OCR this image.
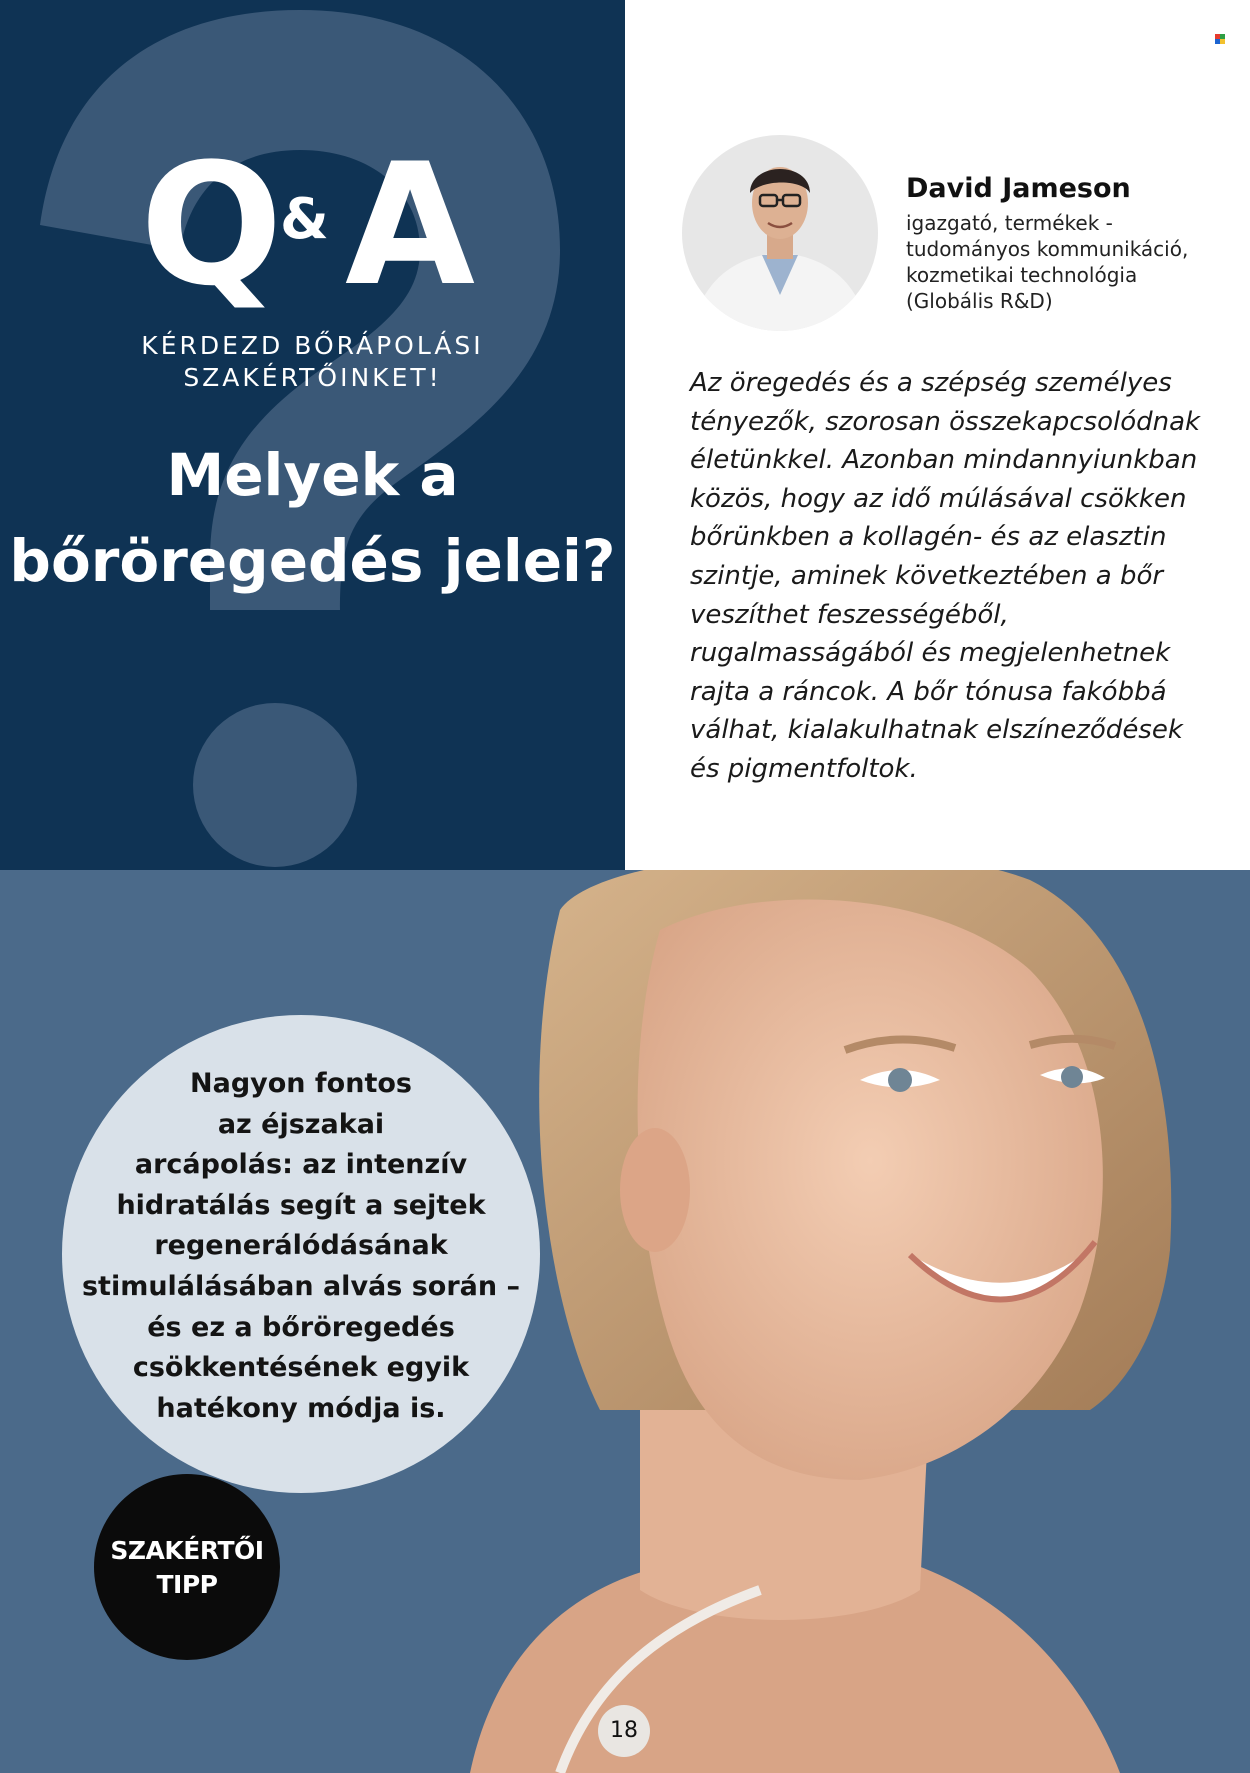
Q
& A
KÉRDEZD BŐRÁPOLÁSI
SZAKÉRTŐINKET!
Melyek a
bőröregedés jelei?
David Jameson
igazgató, termékek -
tudományos kommunikáció,
kozmetikai technológia
(Globális R&D)
Az öregedés és a szépség személyes
tényezők, szorosan összekapcsolódnak
életünkkel. Azonban mindannyiunkban
közös, hogy az idő múlásával csökken
bőrünkben a kollagén- és az elasztin
szintje, aminek következtében a bőr
veszíthet feszességéből,
rugalmasságából és megjelenhetnek
rajta a ráncok. A bőr tónusa fakóbbá
válhat, kialakulhatnak elszíneződések
és pigmentfoltok.
Nagyon fontos
az éjszakai
arcápolás: az intenzív
hidratálás segít a sejtek
regenerálódásának
stimulálásában alvás során –
és ez a bőröregedés
csökkentésének egyik
hatékony módja is.
SZAKÉRTŐI
TIPP
18
